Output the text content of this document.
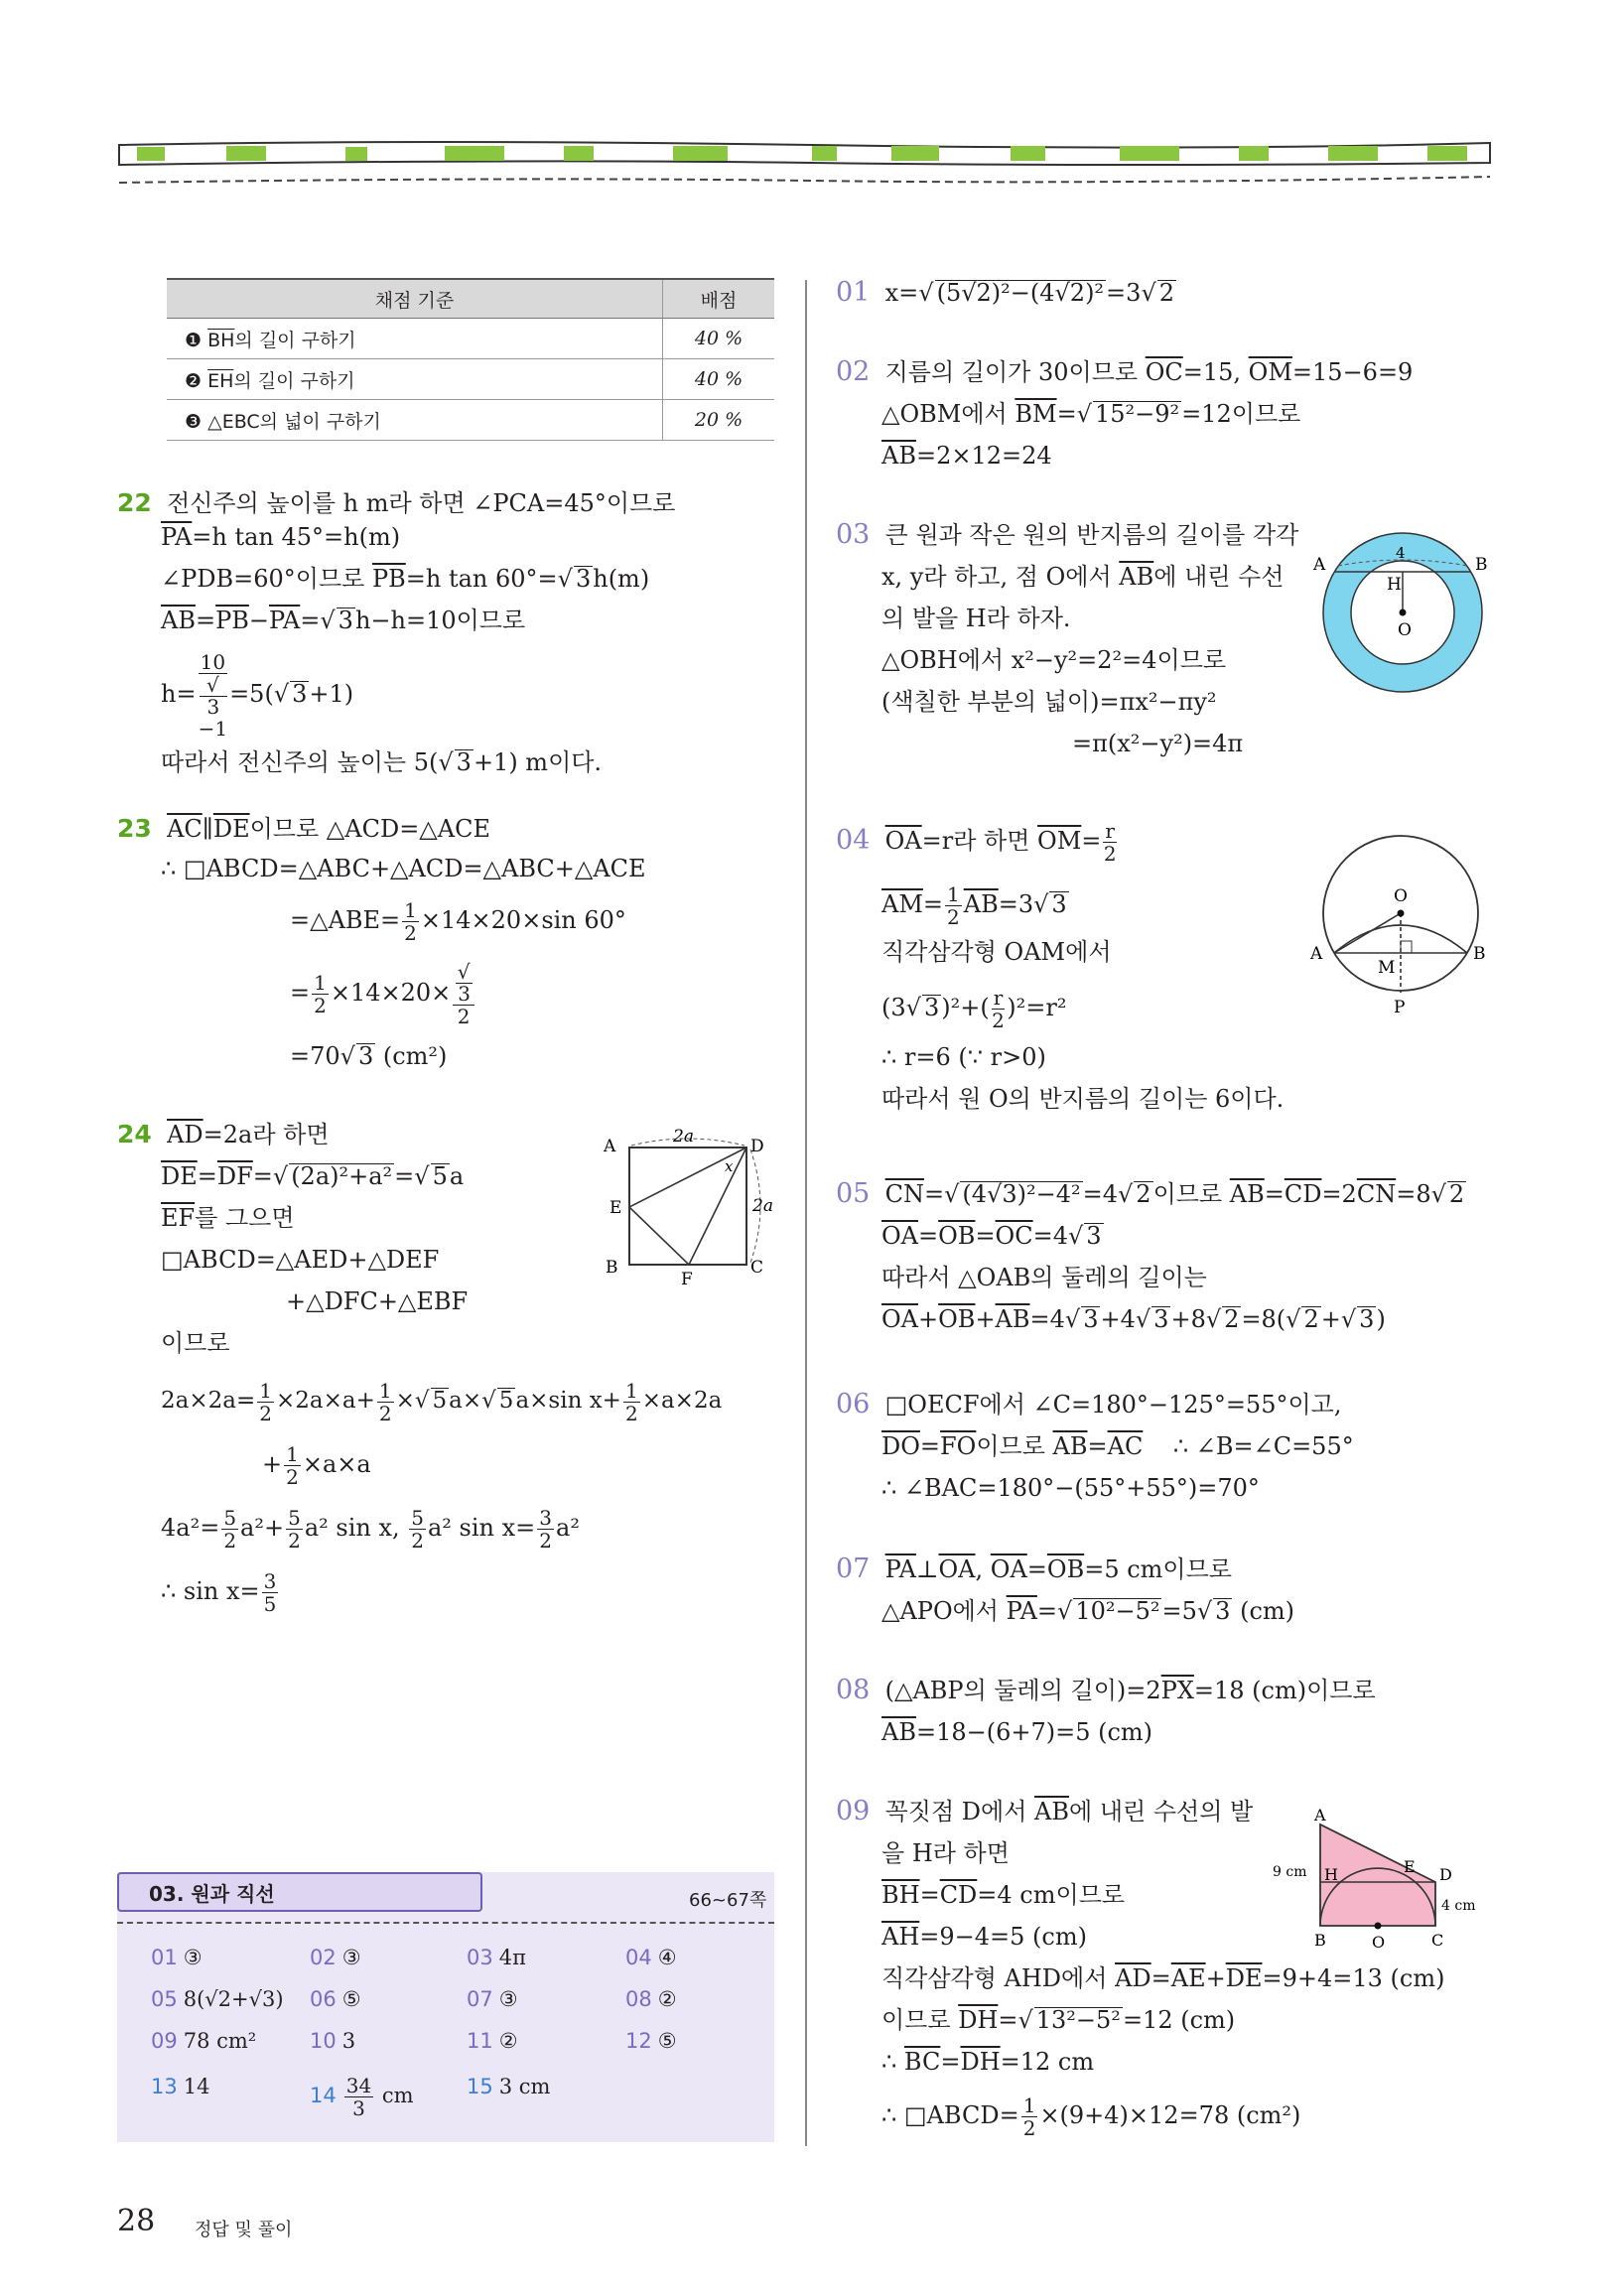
채점 기준	배점
❶ $\overline{BH}$의 길이 구하기	40 %
❷ $\overline{EH}$의 길이 구하기	40 %
❸ △EBC의 넓이 구하기	20 %
22 전신주의 높이를 h m라 하면 ∠PCA=45°이므로
$\overline{PA}=h$ tan 45°=h(m)
∠PDB=60°이므로 $\overline{PB}=h$ tan 60°=√ 3h(m)
$\overline{AB}=\overline{PB}-\overline{PA}=√$ 3h−h=10이므로
h= 10
√
3
−1 =5(√ 3+1)
따라서 전신주의 높이는 5(√ 3+1) m이다.
23 $\overline{AC}\parallel\overline{DE}$이므로 △ACD=△ACE
∴ □ABCD=△ABC+△ACD=△ABC+△ACE
=△ABE= $\frac{1}{2} \times 14\times 20\times\sin$ 60°
= $\frac{1}{2} \times 14\times 20\times$ √
3
2
=70√ 3 (cm²)
24 $\overline{AD}=2a$라 하면
$\overline{DE}=\overline{DF}=√$ (2a)²+a²=√ 5a
$\overline{EF}$를 그으면
□ABCD=△AED+△DEF
+△DFC+△EBF
이므로
$2a\times 2a= \frac{1}{2} \times 2a\times a+ \frac{1}{2}$ ×√ 5a×√ 5a×sin $x+ \frac{1}{2} \times a\times 2a$
+ $\frac{1}{2} \times a\times a$
$4a^2= \frac{5}{2} a^2+ \frac{5}{2} a^2$ sin x, $\frac{5}{2} a^2$ $\sin x= \frac{3}{2} a^2$
∴ $\sin x= \frac{3}{5}$
A	D
E
B
F
C
2a
2a
x
03. 원과 직선	66~67쪽
01 ③	02 ③	03 4π	04 ④
05 8(√2+√3) 06 ⑤	07 ③	08 ②
09 78 cm²	10 3	11 ②	12 ⑤
13 14	$14 \frac{34}{3}$ cm	15 3 cm
01 x=√ (5√2)²−(4√2)²=3√ 2
02 지름의 길이가 30이므로 $\overline{OC}=15$, $\overline{OM}=15-6=9$
△OBM에서 $\overline{BM}=√$ 15²−9²=12이므로
$\overline{AB}=2\times 12=24$
03 큰 원과 작은 원의 반지름의 길이를 각각
x, y라 하고, 점 O에서 $\overline{AB}$에 내린 수선
의 발을 H라 하자.
△OBH에서 x²−y²=2²=4이므로
(색칠한 부분의 넓이)=πx²−πy²
=π(x²−y²)=4π
A	B
H
O
4
04 $\overline{OA}=r$라 하면 $\overline{OM}= \frac{r}{2}$
$\overline{AM}= \frac{1}{2} \overline{AB}=3√$ 3
직각삼각형 OAM에서
(3√ $3)^2+( \frac{r}{2} )^2=r^2$
∴ r=6 (∵ r>0)
따라서 원 O의 반지름의 길이는 6이다.
O
A	B
M
P
05 $\overline{CN}=√$ (4√3)²−4²=4√ 2이므로 $\overline{AB}=\overline{CD}=2\overline{CN}=8√$ 2
$\overline{OA}=\overline{OB}=\overline{OC}=4√$ 3
따라서 △OAB의 둘레의 길이는
$\overline{OA}+\overline{OB}+\overline{AB}=4√$ 3+4√ 3+8√ 2=8(√ 2+√ 3)
06 □OECF에서 ∠C=180°−125°=55°이고,
$\overline{DO}=\overline{FO}$이므로 $\overline{AB}=\overline{AC}$    ∴ ∠B=∠C=55°
∴ ∠BAC=180°−(55°+55°)=70°
07 $\overline{PA}\perp\overline{OA}$, $\overline{OA}=\overline{OB}=5$ cm이므로
△APO에서 $\overline{PA}=√$ 10²−5²=5√ 3 (cm)
08 (△ABP의 둘레의 길이)$=2\overline{PX}=18$ (cm)이므로
$\overline{AB}=18-(6+7)=5$ (cm)
09 꼭짓점 D에서 $\overline{AB}$에 내린 수선의 발
을 H라 하면
$\overline{BH}=\overline{CD}=4$ cm이므로
$\overline{AH}=9-4=5$ (cm)
직각삼각형 AHD에서 $\overline{AD}=\overline{AE}+\overline{DE}=9+4=13$ (cm)
이므로 $\overline{DH}=√$ 13²−5²=12 (cm)
∴ $\overline{BC}=\overline{DH}=12$ cm
∴ □ABCD= $\frac{1}{2} \times(9+4)\times 12=78$ (cm²)
A
H	E D
B	O	C
9 cm
4 cm
28 정답 및 풀이
